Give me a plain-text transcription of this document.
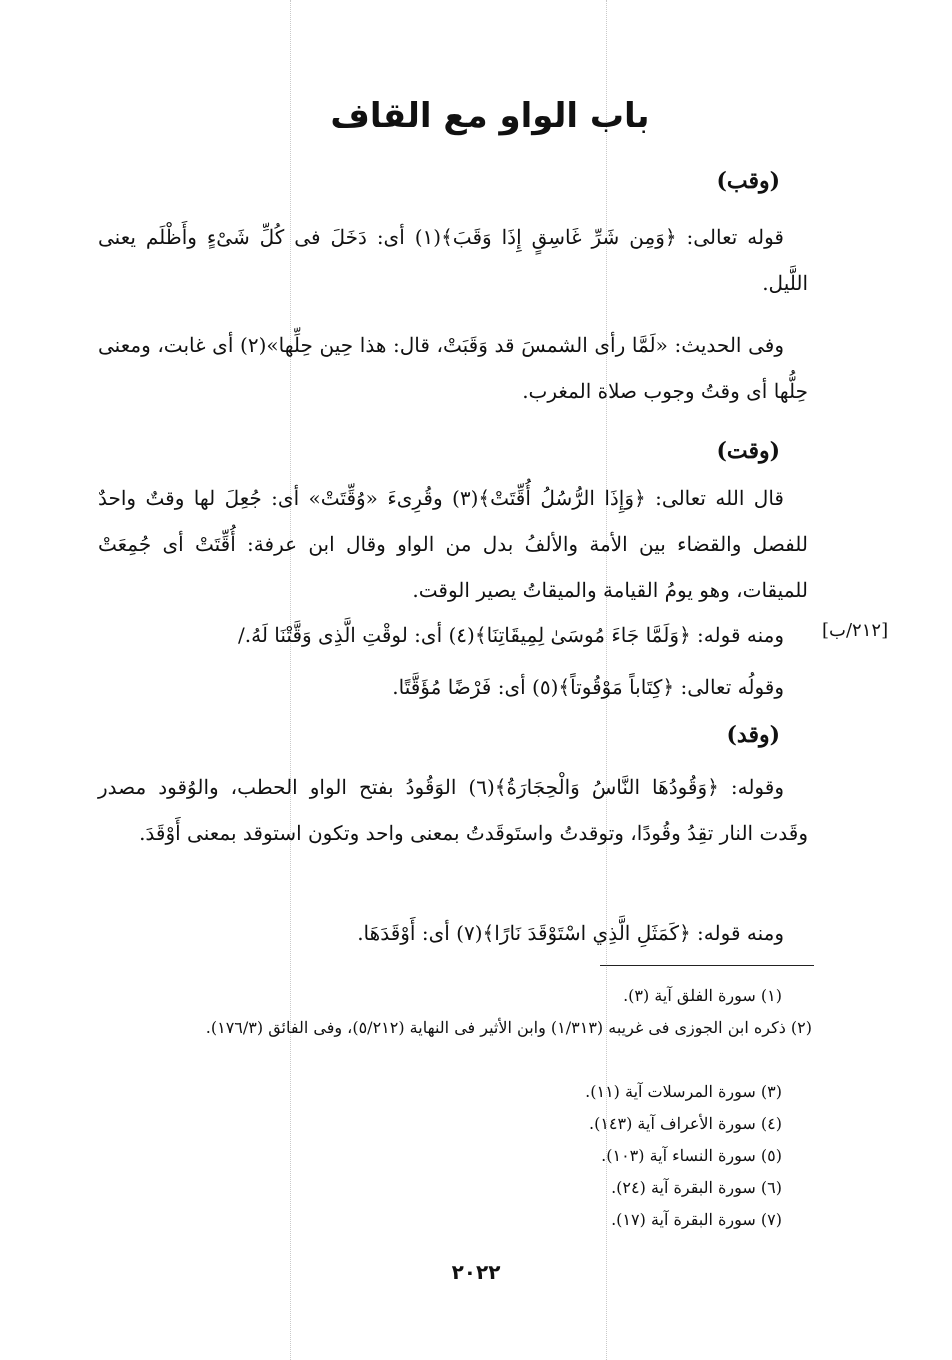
باب الواو مع القاف
(وقب)
قوله تعالى: ﴿وَمِن شَرِّ غَاسِقٍ إِذَا وَقَبَ﴾(١) أى: دَخَلَ فى كُلِّ شَىْءٍ وأَظْلَم يعنى اللَّيل.
وفى الحديث: «لَمَّا رأى الشمسَ قد وَقَبَتْ، قال: هذا حِين حِلِّها»(٢) أى غابت، ومعنى حِلُّها أى وقتُ وجوب صلاة المغرب.
(وقت)
قال الله تعالى: ﴿وَإِذَا الرُّسُلُ أُقِّتَتْ﴾(٣) وقُرِىءَ «وُقِّتَتْ» أى: جُعِلَ لها وقتٌ واحدٌ للفصل والقضاء بين الأمة والألفُ بدل من الواو وقال ابن عرفة: أُقِّتَتْ أى جُمِعَتْ للميقات، وهو يومُ القيامة والميقاتُ يصير الوقت.
ومنه قوله: ﴿وَلَمَّا جَاءَ مُوسَىٰ لِمِيقَاتِنَا﴾(٤) أى: لوقْتِ الَّذِى وَقَّتْنَا لَهُ./
وقولُه تعالى: ﴿كِتَاباً مَوْقُوتاً﴾(٥) أى: فَرْضًا مُؤَقَّتًا.
[٢١٢/ب]
(وقد)
وقوله: ﴿وَقُودُهَا النَّاسُ وَالْحِجَارَةُ﴾(٦) الوَقُودُ بفتح الواو الحطب، والوُقود مصدر وقَدت النار تقِدُ وقُودًا، وتوقدتُ واستَوقَدتُ بمعنى واحد وتكون استوقد بمعنى أَوْقَدَ.
ومنه قوله: ﴿كَمَثَلِ الَّذِي اسْتَوْقَدَ نَارًا﴾(٧) أى: أَوْقَدَهَا.
(١) سورة الفلق آية (٣).
(٢) ذكره ابن الجوزى فى غريبه (١/٣١٣) وابن الأثير فى النهاية (٥/٢١٢)، وفى الفائق (١٧٦/٣).
(٣) سورة المرسلات آية (١١).
(٤) سورة الأعراف آية (١٤٣).
(٥) سورة النساء آية (١٠٣).
(٦) سورة البقرة آية (٢٤).
(٧) سورة البقرة آية (١٧).
٢٠٢٢
